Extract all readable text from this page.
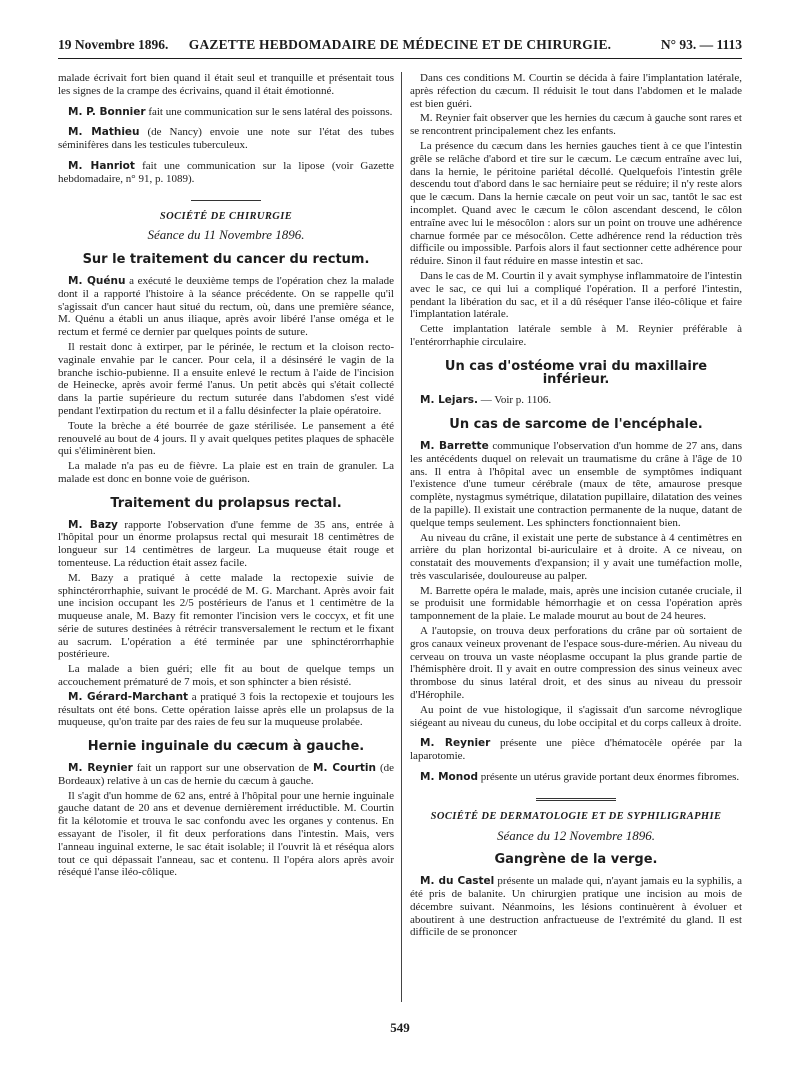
19 Novembre 1896. GAZETTE HEBDOMADAIRE DE MÉDECINE ET DE CHIRURGIE.	N° 93. — 1113

malade écrivait fort bien quand il était seul et tranquille et présentait tous les signes de la crampe des écrivains, quand il était émotionné.

M. P. Bonnier fait une communication sur le sens latéral des poissons.

M. Mathieu (de Nancy) envoie une note sur l'état des tubes séminifères dans les testicules tuberculeux.

M. Hanriot fait une communication sur la lipose (voir Gazette hebdomadaire, n° 91, p. 1089).

SOCIÉTÉ DE CHIRURGIE
Séance du 11 Novembre 1896.
Sur le traitement du cancer du rectum.

M. Quénu a exécuté le deuxième temps de l'opération chez la malade dont il a rapporté l'histoire à la séance précédente. On se rappelle qu'il s'agissait d'un cancer haut situé du rectum, où, dans une première séance, M. Quénu a établi un anus iliaque, après avoir libéré l'anse oméga et le rectum et fermé ce dernier par quelques points de suture.

Il restait donc à extirper, par le périnée, le rectum et la cloison recto-vaginale envahie par le cancer. Pour cela, il a désinséré le vagin de la branche ischio-pubienne. Il a ensuite enlevé le rectum à l'aide de l'incision de Heinecke, après avoir fermé l'anus. Un petit abcès qui s'était collecté dans la partie supérieure du rectum suturée dans l'abdomen s'est vidé pendant l'extirpation du rectum et il a fallu désinfecter la plaie opératoire.

Toute la brèche a été bourrée de gaze stérilisée. Le pansement a été renouvelé au bout de 4 jours. Il y avait quelques petites plaques de sphacèle qui s'éliminèrent bien.

La malade n'a pas eu de fièvre. La plaie est en train de granuler. La malade est donc en bonne voie de guérison.

Traitement du prolapsus rectal.

M. Bazy rapporte l'observation d'une femme de 35 ans, entrée à l'hôpital pour un énorme prolapsus rectal qui mesurait 18 centimètres de longueur sur 14 centimètres de largeur. La muqueuse était rouge et tomenteuse. La réduction était assez facile.

M. Bazy a pratiqué à cette malade la rectopexie suivie de sphinctérorrhaphie, suivant le procédé de M. G. Marchant. Après avoir fait une incision occupant les 2/5 postérieurs de l'anus et 1 centimètre de la muqueuse anale, M. Bazy fit remonter l'incision vers le coccyx, et fit une série de sutures destinées à rétrécir transversalement le rectum et le fixant au sacrum. L'opération a été terminée par une sphinctérorrhaphie postérieure.

La malade a bien guéri; elle fit au bout de quelque temps un accouchement prématuré de 7 mois, et son sphincter a bien résisté.

M. Gérard-Marchant a pratiqué 3 fois la rectopexie et toujours les résultats ont été bons. Cette opération laisse après elle un prolapsus de la muqueuse, qu'on traite par des raies de feu sur la muqueuse prolabée.

Hernie inguinale du cæcum à gauche.

M. Reynier fait un rapport sur une observation de M. Courtin (de Bordeaux) relative à un cas de hernie du cæcum à gauche.

Il s'agit d'un homme de 62 ans, entré à l'hôpital pour une hernie inguinale gauche datant de 20 ans et devenue dernièrement irréductible. M. Courtin fit la kélotomie et trouva le sac confondu avec les organes y contenus. En essayant de l'isoler, il fit deux perforations dans l'intestin. Mais, vers l'anneau inguinal externe, le sac était isolable; il l'ouvrit là et réséqua alors tout ce qui dépassait l'anneau, sac et contenu. Il l'opéra alors après avoir réséqué l'anse iléo-côlique.

Dans ces conditions M. Courtin se décida à faire l'implantation latérale, après réfection du cæcum. Il réduisit le tout dans l'abdomen et le malade est bien guéri.

M. Reynier fait observer que les hernies du cæcum à gauche sont rares et se rencontrent principalement chez les enfants.

La présence du cæcum dans les hernies gauches tient à ce que l'intestin grêle se relâche d'abord et tire sur le cæcum. Le cæcum entraîne avec lui, dans la hernie, le péritoine pariétal décollé. Quelquefois l'intestin grêle descendu tout d'abord dans le sac herniaire peut se réduire; il n'y reste alors que le cæcum. Dans la hernie cæcale on peut voir un sac, tantôt le sac est incomplet. Quand avec le cæcum le côlon ascendant descend, le côlon entraîne avec lui le mésocôlon : alors sur un point on trouve une adhérence charnue formée par ce mésocôlon. Cette adhérence rend la réduction très difficile ou impossible. Parfois alors il faut sectionner cette adhérence pour réduire. Sinon il faut réduire en masse intestin et sac.

Dans le cas de M. Courtin il y avait symphyse inflammatoire de l'intestin avec le sac, ce qui lui a compliqué l'opération. Il a perforé l'intestin, pendant la libération du sac, et il a dû réséquer l'anse iléo-côlique et faire l'implantation latérale.

Cette implantation latérale semble à M. Reynier préférable à l'entérorrhaphie circulaire.

Un cas d'ostéome vrai du maxillaire inférieur.

M. Lejars. — Voir p. 1106.

Un cas de sarcome de l'encéphale.

M. Barrette communique l'observation d'un homme de 27 ans, dans les antécédents duquel on relevait un traumatisme du crâne à l'âge de 10 ans. Il entra à l'hôpital avec un ensemble de symptômes indiquant l'existence d'une tumeur cérébrale (maux de tête, amaurose presque complète, nystagmus symétrique, dilatation pupillaire, dilatation des veines de la papille). Il existait une contraction permanente de la nuque, datant de quelque temps seulement. Les sphincters fonctionnaient bien.

Au niveau du crâne, il existait une perte de substance à 4 centimètres en arrière du plan horizontal bi-auriculaire et à droite. A ce niveau, on constatait des mouvements d'expansion; il y avait une tuméfaction molle, très vascularisée, douloureuse au palper.

M. Barrette opéra le malade, mais, après une incision cutanée cruciale, il se produisit une formidable hémorrhagie et on cessa l'opération après tamponnement de la plaie. Le malade mourut au bout de 24 heures.

A l'autopsie, on trouva deux perforations du crâne par où sortaient de gros canaux veineux provenant de l'espace sous-dure-mérien. Au niveau du cerveau on trouva un vaste néoplasme occupant la plus grande partie de l'hémisphère droit. Il y avait en outre compression des sinus veineux avec thrombose du sinus latéral droit, et des sinus au niveau du pressoir d'Hérophile.

Au point de vue histologique, il s'agissait d'un sarcome névroglique siégeant au niveau du cuneus, du lobe occipital et du corps calleux à droite.

M. Reynier présente une pièce d'hématocèle opérée par la laparotomie.

M. Monod présente un utérus gravide portant deux énormes fibromes.

SOCIÉTÉ DE DERMATOLOGIE ET DE SYPHILIGRAPHIE
Séance du 12 Novembre 1896.
Gangrène de la verge.

M. du Castel présente un malade qui, n'ayant jamais eu la syphilis, a été pris de balanite. Un chirurgien pratique une incision au mois de décembre suivant. Néanmoins, les lésions continuèrent à évoluer et aboutirent à une destruction anfractueuse de l'extrémité du gland. Il est difficile de se prononcer

549
